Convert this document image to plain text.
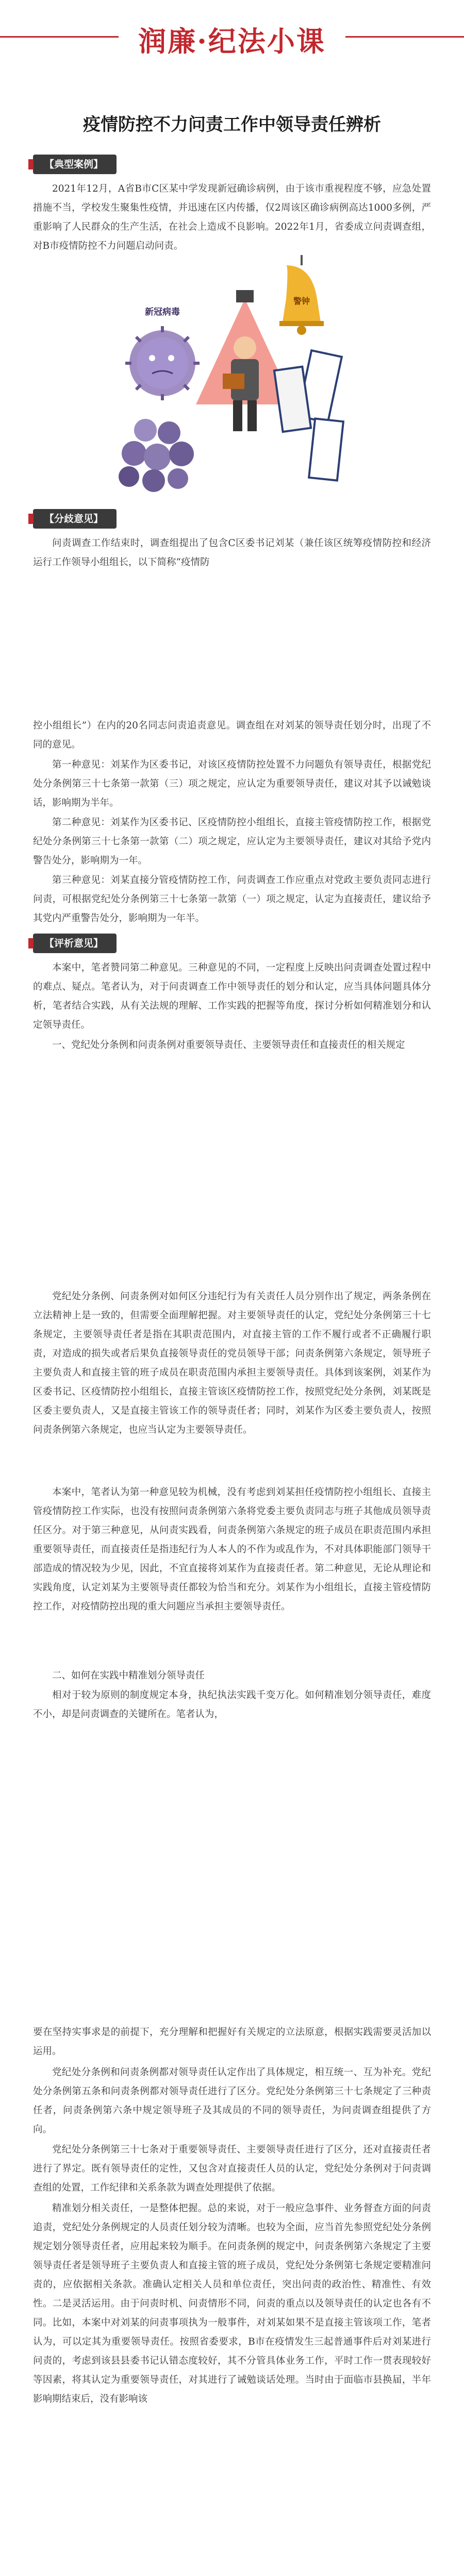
润廉·纪法小课
疫情防控不力问责工作中领导责任辨析
【典型案例】

2021年12月，A省B市C区某中学发现新冠确诊病例，由于该市重视程度不够，应急处置措施不当，学校发生聚集性疫情，并迅速在区内传播，仅2周该区确诊病例高达1000多例，严重影响了人民群众的生产生活，在社会上造成不良影响。2022年1月，省委成立问责调查组，对B市疫情防控不力问题启动问责。

新冠病毒
警钟
【分歧意见】

问责调查工作结束时，调查组提出了包含C区委书记刘某（兼任该区统筹疫情防控和经济运行工作领导小组组长，以下简称“疫情防

控小组组长”）在内的20名同志问责追责意见。调查组在对刘某的领导责任划分时，出现了不同的意见。

第一种意见：刘某作为区委书记，对该区疫情防控处置不力问题负有领导责任，根据党纪处分条例第三十七条第一款第（三）项之规定，应认定为重要领导责任，建议对其予以诫勉谈话，影响期为半年。

第二种意见：刘某作为区委书记、区疫情防控小组组长，直接主管疫情防控工作，根据党纪处分条例第三十七条第一款第（二）项之规定，应认定为主要领导责任，建议对其给予党内警告处分，影响期为一年。

第三种意见：刘某直接分管疫情防控工作，问责调查工作应重点对党政主要负责同志进行问责，可根据党纪处分条例第三十七条第一款第（一）项之规定，认定为直接责任，建议给予其党内严重警告处分，影响期为一年半。

【评析意见】

本案中，笔者赞同第二种意见。三种意见的不同，一定程度上反映出问责调查处置过程中的难点、疑点。笔者认为，对于问责调查工作中领导责任的划分和认定，应当具体问题具体分析，笔者结合实践，从有关法规的理解、工作实践的把握等角度，探讨分析如何精准划分和认定领导责任。

一、党纪处分条例和问责条例对重要领导责任、主要领导责任和直接责任的相关规定

党纪处分条例、问责条例对如何区分违纪行为有关责任人员分别作出了规定，两条条例在立法精神上是一致的，但需要全面理解把握。对主要领导责任的认定，党纪处分条例第三十七条规定，主要领导责任者是指在其职责范围内，对直接主管的工作不履行或者不正确履行职责，对造成的损失或者后果负直接领导责任的党员领导干部；问责条例第六条规定，领导班子主要负责人和直接主管的班子成员在职责范围内承担主要领导责任。具体到该案例，刘某作为区委书记、区疫情防控小组组长，直接主管该区疫情防控工作，按照党纪处分条例，刘某既是区委主要负责人，又是直接主管该工作的领导责任者；同时，刘某作为区委主要负责人，按照问责条例第六条规定，也应当认定为主要领导责任。

本案中，笔者认为第一种意见较为机械，没有考虑到刘某担任疫情防控小组组长、直接主管疫情防控工作实际，也没有按照问责条例第六条将党委主要负责同志与班子其他成员领导责任区分。对于第三种意见，从问责实践看，问责条例第六条规定的班子成员在职责范围内承担重要领导责任，而直接责任是指违纪行为人本人的不作为或乱作为，不对具体职能部门领导干部造成的情况较为少见，因此，不宜直接将刘某作为直接责任者。第二种意见，无论从理论和实践角度，认定刘某为主要领导责任都较为恰当和充分。刘某作为小组组长，直接主管疫情防控工作，对疫情防控出现的重大问题应当承担主要领导责任。

二、如何在实践中精准划分领导责任

相对于较为原则的制度规定本身，执纪执法实践千变万化。如何精准划分领导责任，难度不小，却是问责调查的关键所在。笔者认为，

要在坚持实事求是的前提下，充分理解和把握好有关规定的立法原意，根据实践需要灵活加以运用。

党纪处分条例和问责条例都对领导责任认定作出了具体规定，相互统一、互为补充。党纪处分条例第五条和问责条例都对领导责任进行了区分。党纪处分条例第三十七条规定了三种责任者，问责条例第六条中规定领导班子及其成员的不同的领导责任，为问责调查组提供了方向。

党纪处分条例第三十七条对于重要领导责任、主要领导责任进行了区分，还对直接责任者进行了界定。既有领导责任的定性，又包含对直接责任人员的认定，党纪处分条例对于问责调查组的处置，工作纪律和关系条款为调查处理提供了依据。

精准划分相关责任，一是整体把握。总的来说，对于一般应急事件、业务督查方面的问责追责，党纪处分条例规定的人员责任划分较为清晰。也较为全面，应当首先参照党纪处分条例规定划分领导责任者，应用起来较为顺手。在问责条例的规定中，问责条例第六条规定了主要领导责任者是领导班子主要负责人和直接主管的班子成员，党纪处分条例第七条规定要精准问责的，应依据相关条款。准确认定相关人员和单位责任，突出问责的政治性、精准性、有效性。二是灵活运用。由于问责时机、问责情形不同，问责的重点以及领导责任的认定也各有不同。比如，本案中对刘某的问责事项执为一般事件，对刘某如果不是直接主管该项工作，笔者认为，可以定其为重要领导责任。按照省委要求，B市在疫情发生三起普通事件后对刘某进行问责的，考虑到该县县委书记认错态度较好，其不分管具体业务工作，平时工作一贯表现较好等因素，将其认定为重要领导责任，对其进行了诫勉谈话处理。当时由于面临市县换届，半年影响期结束后，没有影响该
